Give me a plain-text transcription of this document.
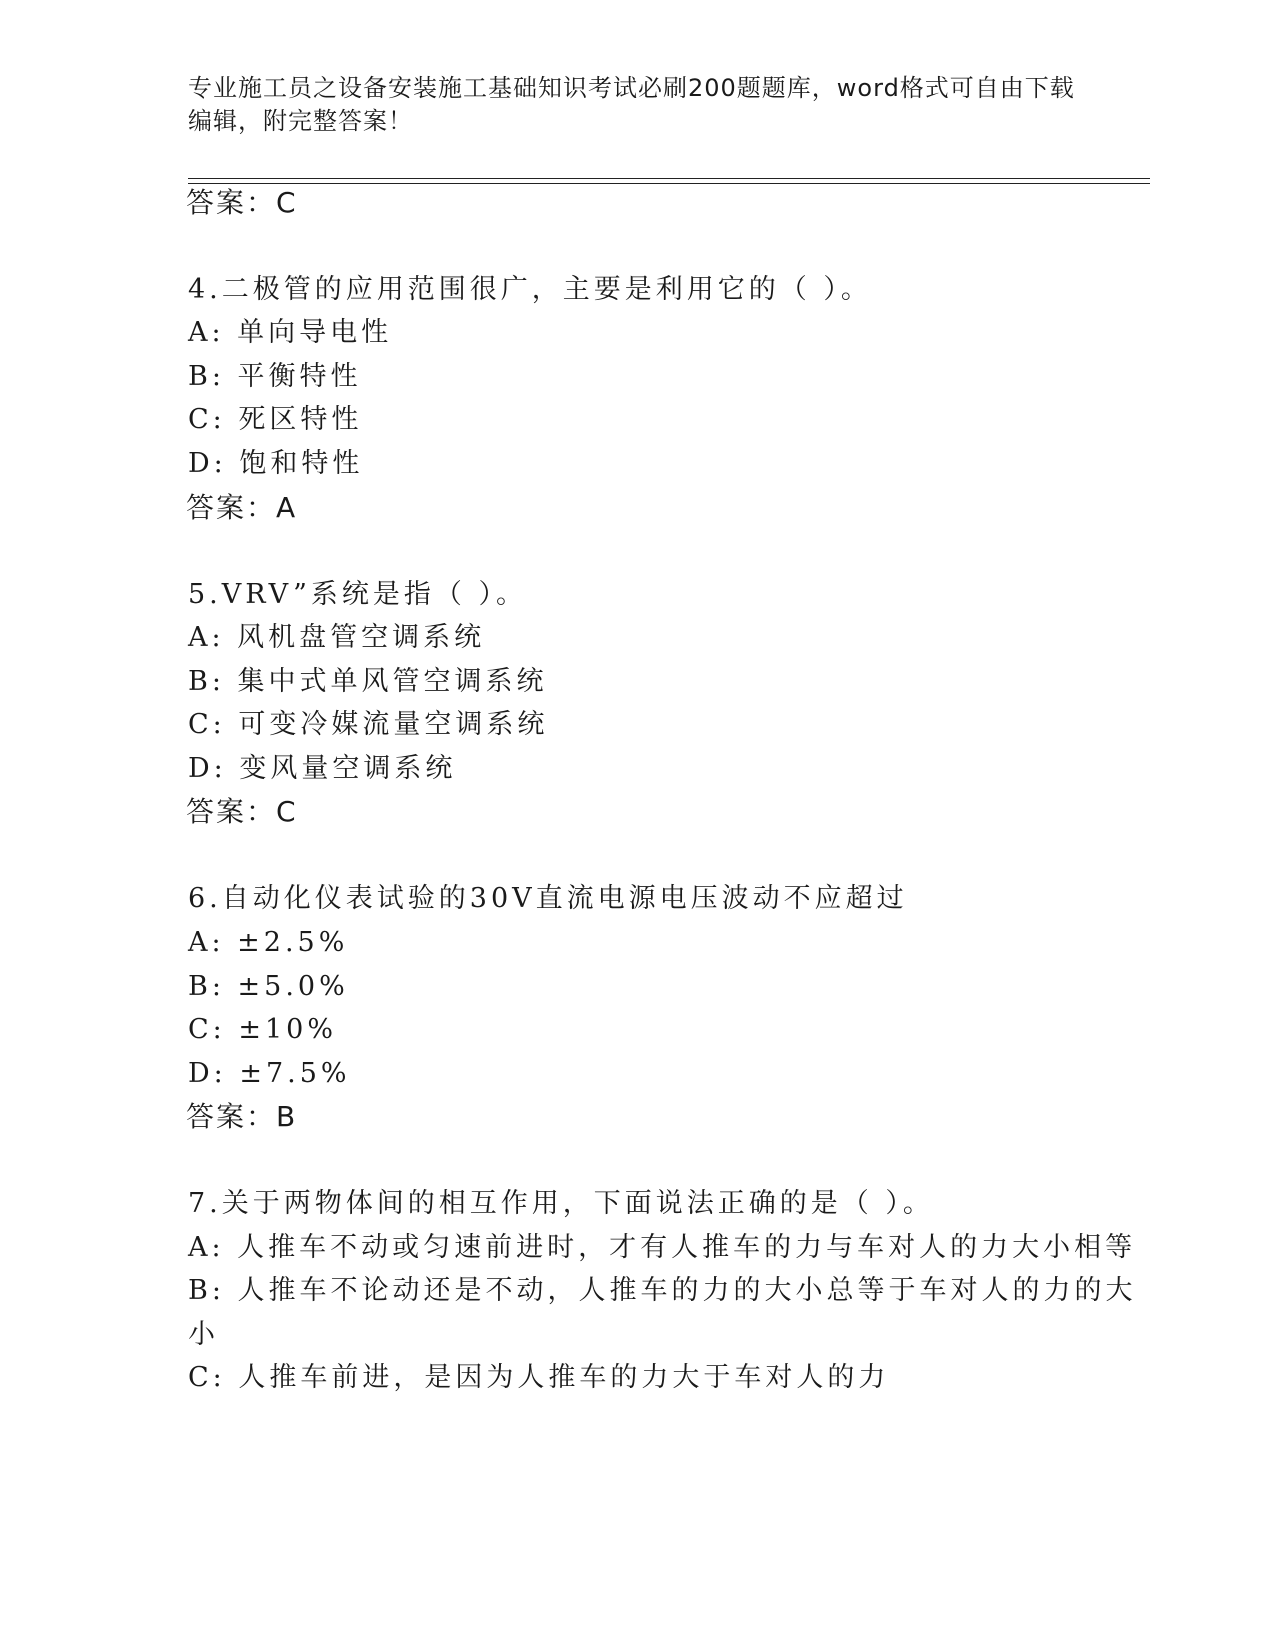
专业施工员之设备安装施工基础知识考试必刷200题题库，word格式可自由下载
编辑，附完整答案！
答案：C
4.二极管的应用范围很广，主要是利用它的（ ）。
A: 单向导电性
B: 平衡特性
C: 死区特性
D: 饱和特性
答案：A
5.VRV”系统是指（ ）。
A: 风机盘管空调系统
B: 集中式单风管空调系统
C: 可变冷媒流量空调系统
D: 变风量空调系统
答案：C
6.自动化仪表试验的30V直流电源电压波动不应超过
A: ±2.5%
B: ±5.0%
C: ±10%
D: ±7.5%
答案：B
7.关于两物体间的相互作用，下面说法正确的是（ ）。
A: 人推车不动或匀速前进时，才有人推车的力与车对人的力大小相等
B: 人推车不论动还是不动，人推车的力的大小总等于车对人的力的大
小
C: 人推车前进，是因为人推车的力大于车对人的力
